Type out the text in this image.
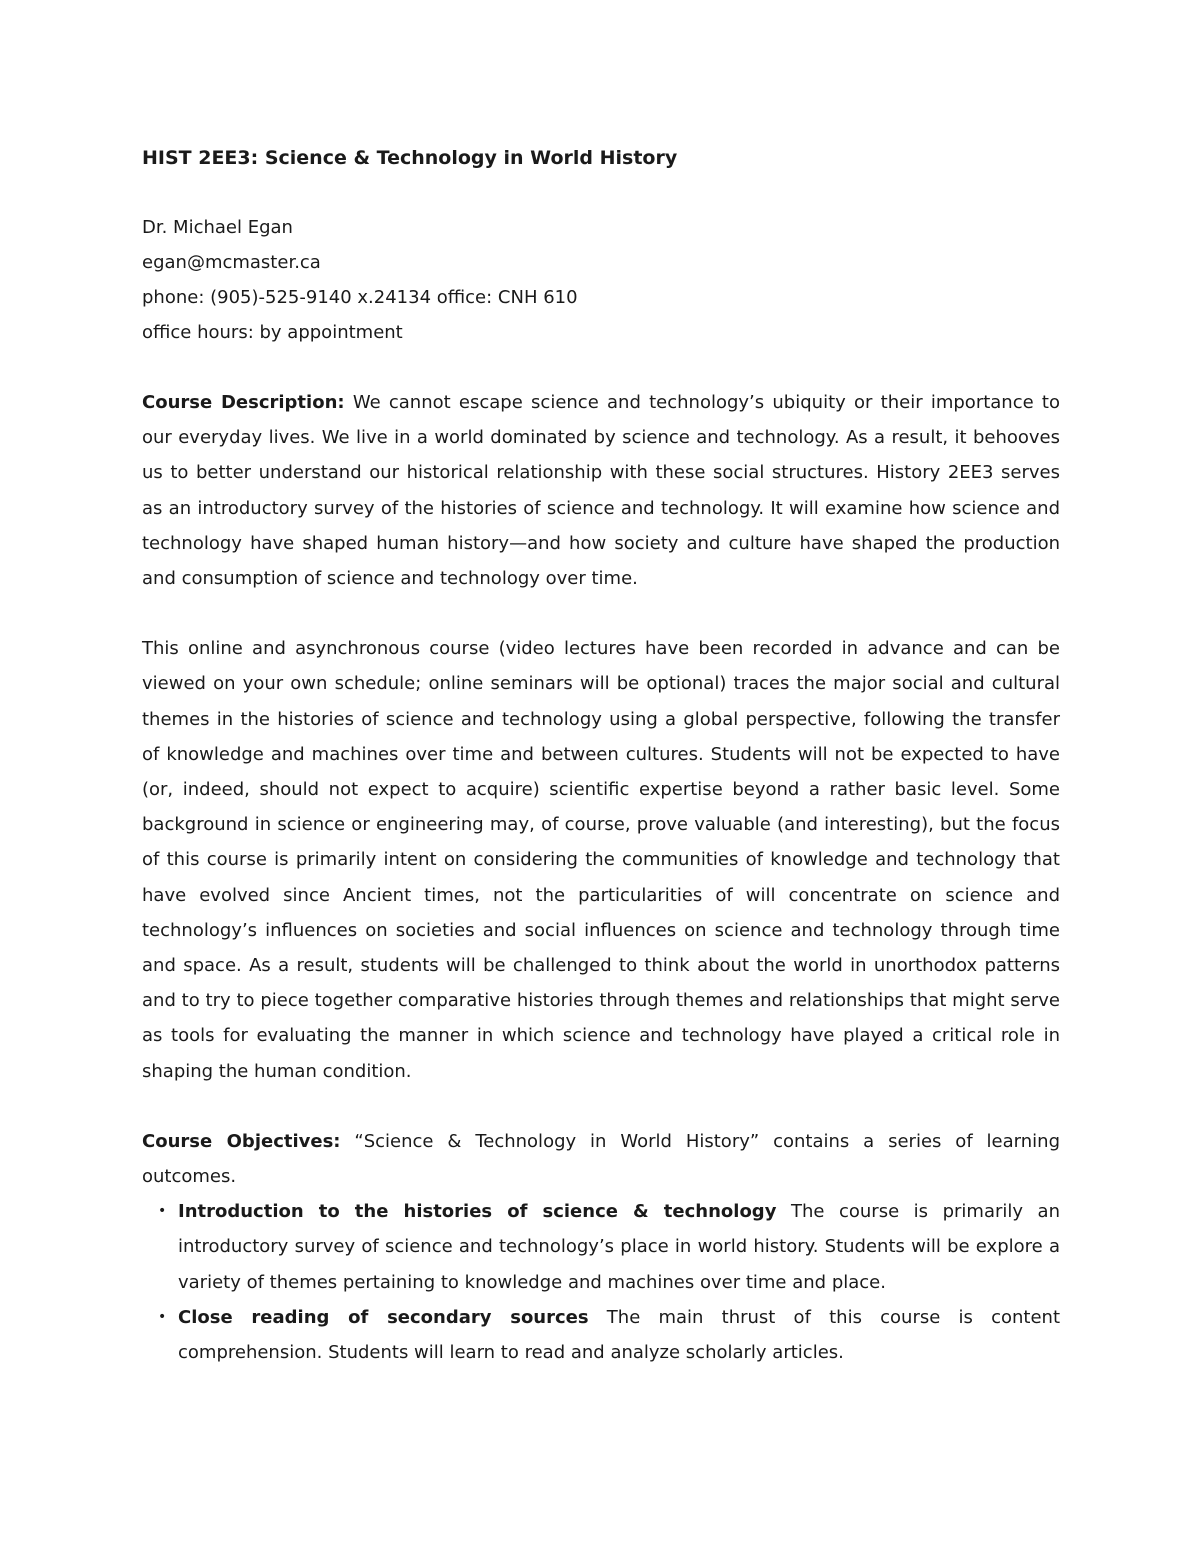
HIST 2EE3: Science & Technology in World History
Dr. Michael Egan
egan@mcmaster.ca
phone: (905)-525-9140 x.24134 office: CNH 610
office hours: by appointment

Course Description: We cannot escape science and technology’s ubiquity or their importance to our everyday lives. We live in a world dominated by science and technology. As a result, it behooves us to better understand our historical relationship with these social structures. History 2EE3 serves as an introductory survey of the histories of science and technology. It will examine how science and technology have shaped human history—and how society and culture have shaped the production and consumption of science and technology over time.

This online and asynchronous course (video lectures have been recorded in advance and can be viewed on your own schedule; online seminars will be optional) traces the major social and cultural themes in the histories of science and technology using a global perspective, following the transfer of knowledge and machines over time and between cultures. Students will not be expected to have (or, indeed, should not expect to acquire) scientific expertise beyond a rather basic level. Some background in science or engineering may, of course, prove valuable (and interesting), but the focus of this course is primarily intent on considering the communities of knowledge and technology that have evolved since Ancient times, not the particularities of will concentrate on science and technology’s influences on societies and social influences on science and technology through time and space. As a result, students will be challenged to think about the world in unorthodox patterns and to try to piece together comparative histories through themes and relationships that might serve as tools for evaluating the manner in which science and technology have played a critical role in shaping the human condition.

Course Objectives: “Science & Technology in World History” contains a series of learning outcomes.

• Introduction to the histories of science & technology The course is primarily an introductory survey of science and technology’s place in world history. Students will be explore a variety of themes pertaining to knowledge and machines over time and place.
• Close reading of secondary sources The main thrust of this course is content comprehension. Students will learn to read and analyze scholarly articles.
